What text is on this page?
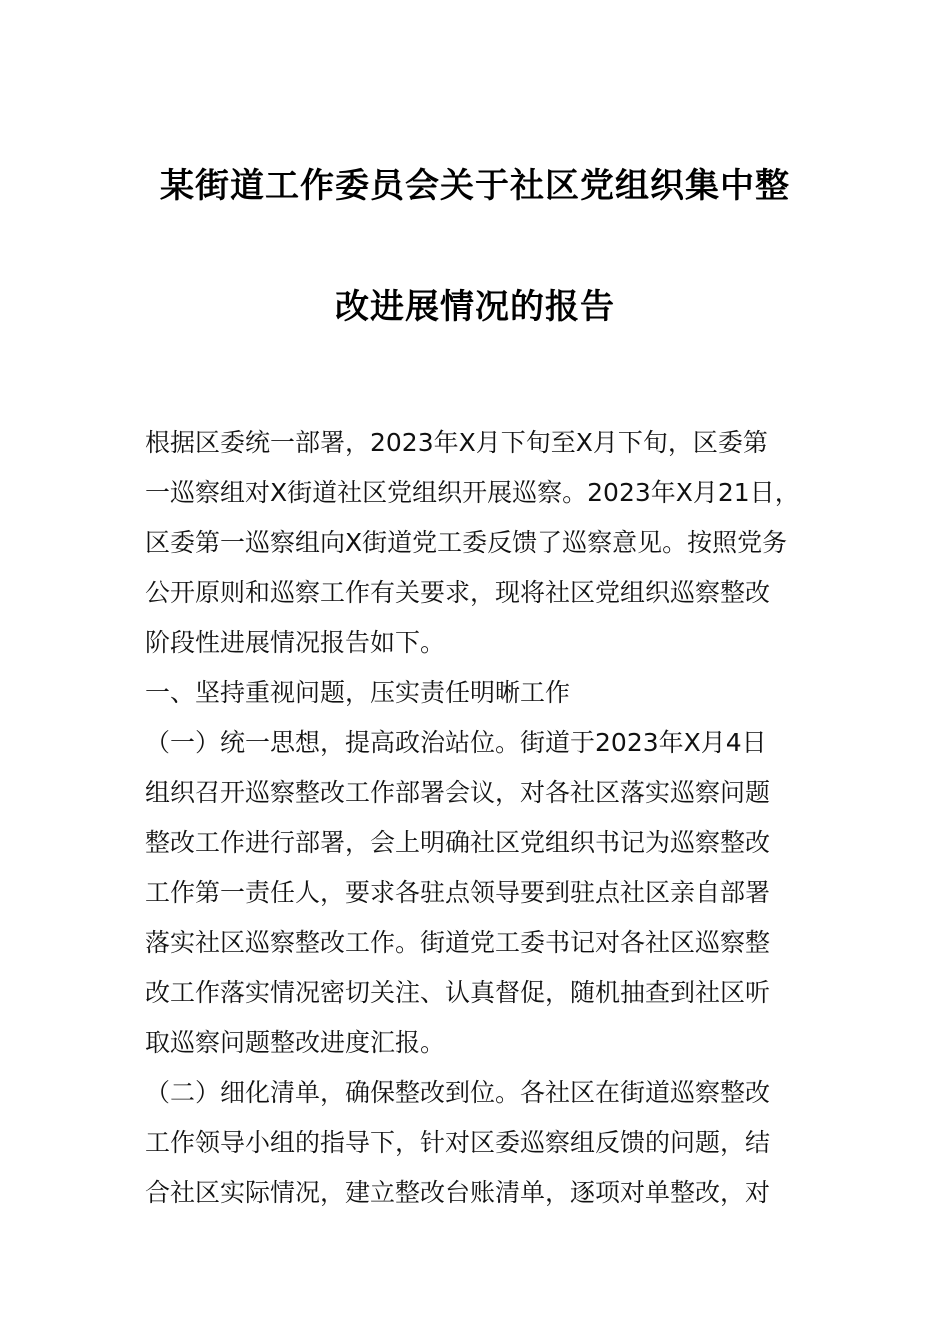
某街道工作委员会关于社区党组织集中整
改进展情况的报告
根据区委统一部署，2023年X月下旬至X月下旬，区委第
一巡察组对X街道社区党组织开展巡察。2023年X月21日，
区委第一巡察组向X街道党工委反馈了巡察意见。按照党务
公开原则和巡察工作有关要求，现将社区党组织巡察整改
阶段性进展情况报告如下。
一、坚持重视问题，压实责任明晰工作
（一）统一思想，提高政治站位。街道于2023年X月4日
组织召开巡察整改工作部署会议，对各社区落实巡察问题
整改工作进行部署，会上明确社区党组织书记为巡察整改
工作第一责任人，要求各驻点领导要到驻点社区亲自部署
落实社区巡察整改工作。街道党工委书记对各社区巡察整
改工作落实情况密切关注、认真督促，随机抽查到社区听
取巡察问题整改进度汇报。
（二）细化清单，确保整改到位。各社区在街道巡察整改
工作领导小组的指导下，针对区委巡察组反馈的问题，结
合社区实际情况，建立整改台账清单，逐项对单整改，对
